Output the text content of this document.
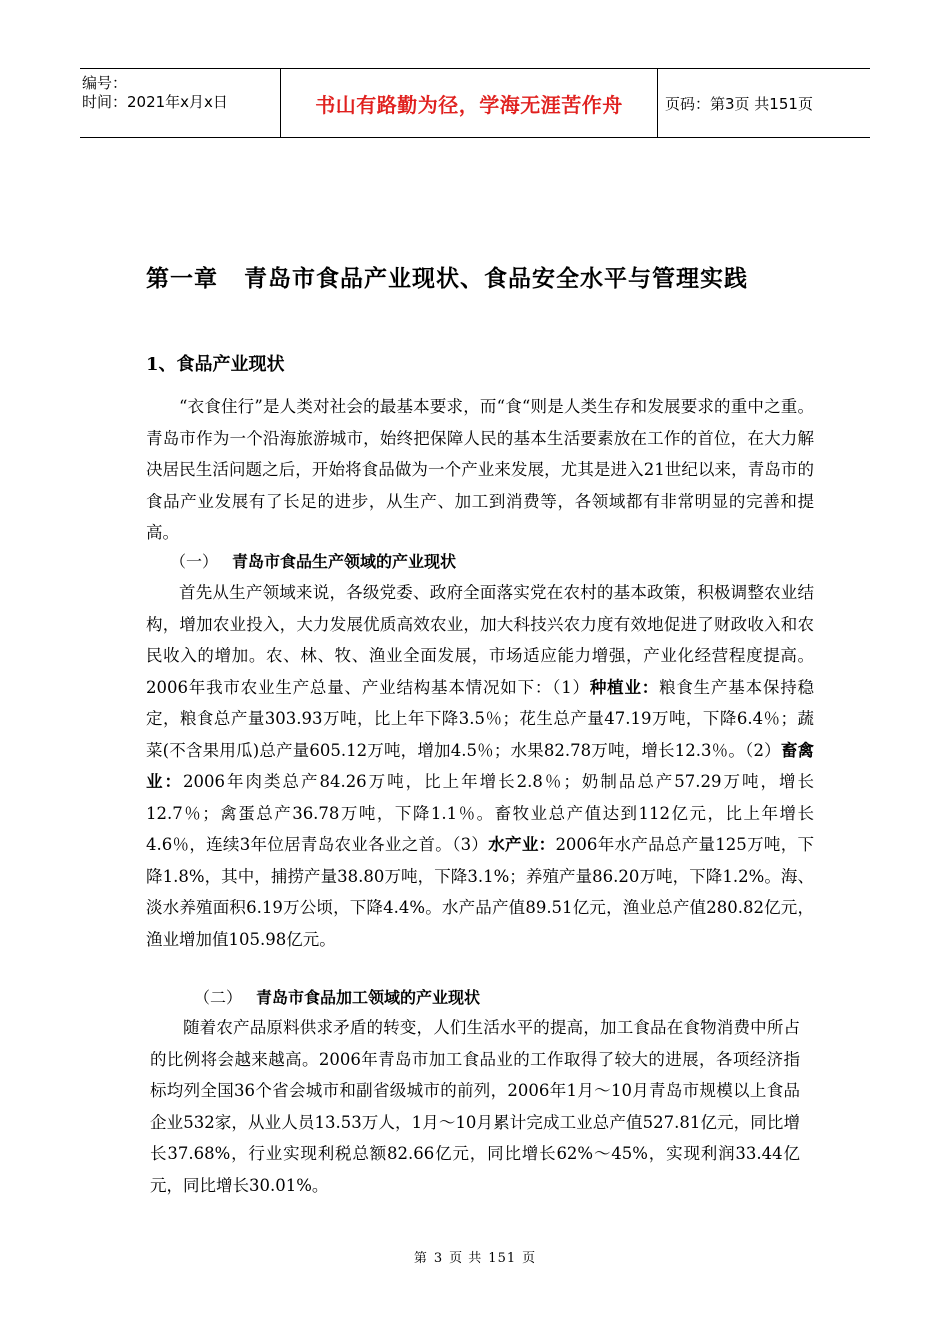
编号：
时间：2021年x月x日	书山有路勤为径，学海无涯苦作舟	页码：第3页 共151页
第一章 青岛市食品产业现状、食品安全水平与管理实践
1、食品产业现状

“衣食住行”是人类对社会的最基本要求，而“食“则是人类生存和发展要求的重中之重。青岛市作为一个沿海旅游城市，始终把保障人民的基本生活要素放在工作的首位，在大力解决居民生活问题之后，开始将食品做为一个产业来发展，尤其是进入21世纪以来，青岛市的食品产业发展有了长足的进步，从生产、加工到消费等，各领域都有非常明显的完善和提高。

（一） 青岛市食品生产领域的产业现状

首先从生产领域来说，各级党委、政府全面落实党在农村的基本政策，积极调整农业结构，增加农业投入，大力发展优质高效农业，加大科技兴农力度有效地促进了财政收入和农民收入的增加。农、林、牧、渔业全面发展，市场适应能力增强，产业化经营程度提高。2006年我市农业生产总量、产业结构基本情况如下：（1）种植业：粮食生产基本保持稳定，粮食总产量303.93万吨，比上年下降3.5％；花生总产量47.19万吨，下降6.4％；蔬菜(不含果用瓜)总产量605.12万吨，增加4.5％；水果82.78万吨，增长12.3％。（2）畜禽业：2006年肉类总产84.26万吨，比上年增长2.8％；奶制品总产57.29万吨，增长12.7％；禽蛋总产36.78万吨，下降1.1％。畜牧业总产值达到112亿元，比上年增长4.6％，连续3年位居青岛农业各业之首。（3）水产业：2006年水产品总产量125万吨，下降1.8%，其中，捕捞产量38.80万吨，下降3.1%；养殖产量86.20万吨，下降1.2%。海、淡水养殖面积6.19万公顷，下降4.4%。水产品产值89.51亿元，渔业总产值280.82亿元，渔业增加值105.98亿元。

（二） 青岛市食品加工领域的产业现状

随着农产品原料供求矛盾的转变，人们生活水平的提高，加工食品在食物消费中所占的比例将会越来越高。2006年青岛市加工食品业的工作取得了较大的进展，各项经济指标均列全国36个省会城市和副省级城市的前列，2006年1月～10月青岛市规模以上食品企业532家，从业人员13.53万人，1月～10月累计完成工业总产值527.81亿元，同比增长37.68%，行业实现利税总额82.66亿元，同比增长62%～45%，实现利润33.44亿元，同比增长30.01%。

第 3 页 共 151 页
